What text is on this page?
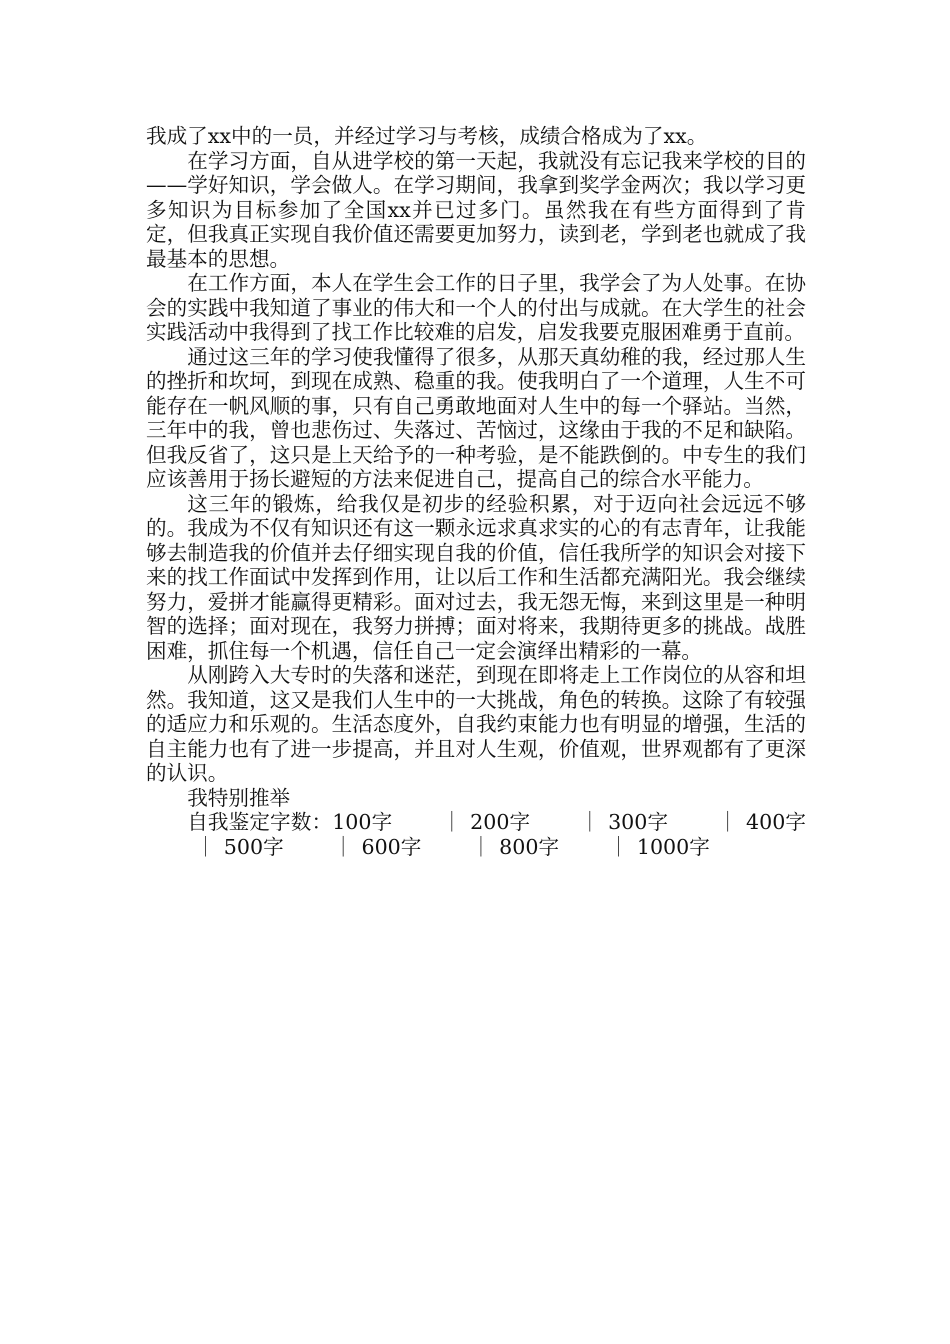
我成了xx中的一员，并经过学习与考核，成绩合格成为了xx。

在学习方面，自从进学校的第一天起，我就没有忘记我来学校的目的——学好知识，学会做人。在学习期间，我拿到奖学金两次；我以学习更多知识为目标参加了全国xx并已过多门。虽然我在有些方面得到了肯定，但我真正实现自我价值还需要更加努力，读到老，学到老也就成了我最基本的思想。

在工作方面，本人在学生会工作的日子里，我学会了为人处事。在协会的实践中我知道了事业的伟大和一个人的付出与成就。在大学生的社会实践活动中我得到了找工作比较难的启发，启发我要克服困难勇于直前。

通过这三年的学习使我懂得了很多，从那天真幼稚的我，经过那人生的挫折和坎坷，到现在成熟、稳重的我。使我明白了一个道理，人生不可能存在一帆风顺的事，只有自己勇敢地面对人生中的每一个驿站。当然，三年中的我，曾也悲伤过、失落过、苦恼过，这缘由于我的不足和缺陷。但我反省了，这只是上天给予的一种考验，是不能跌倒的。中专生的我们应该善用于扬长避短的方法来促进自己，提高自己的综合水平能力。

这三年的锻炼，给我仅是初步的经验积累，对于迈向社会远远不够的。我成为不仅有知识还有这一颗永远求真求实的心的有志青年，让我能够去制造我的价值并去仔细实现自我的价值，信任我所学的知识会对接下来的找工作面试中发挥到作用，让以后工作和生活都充满阳光。我会继续努力，爱拼才能赢得更精彩。面对过去，我无怨无悔，来到这里是一种明智的选择；面对现在，我努力拼搏；面对将来，我期待更多的挑战。战胜困难，抓住每一个机遇，信任自己一定会演绎出精彩的一幕。

从刚跨入大专时的失落和迷茫，到现在即将走上工作岗位的从容和坦然。我知道，这又是我们人生中的一大挑战，角色的转换。这除了有较强的适应力和乐观的。生活态度外，自我约束能力也有明显的增强，生活的自主能力也有了进一步提高，并且对人生观，价值观，世界观都有了更深的认识。

我特别推举

自我鉴定字数：100字 ｜ 200字 ｜ 300字 ｜ 400字｜ 500字 ｜ 600字 ｜ 800字 ｜ 1000字
